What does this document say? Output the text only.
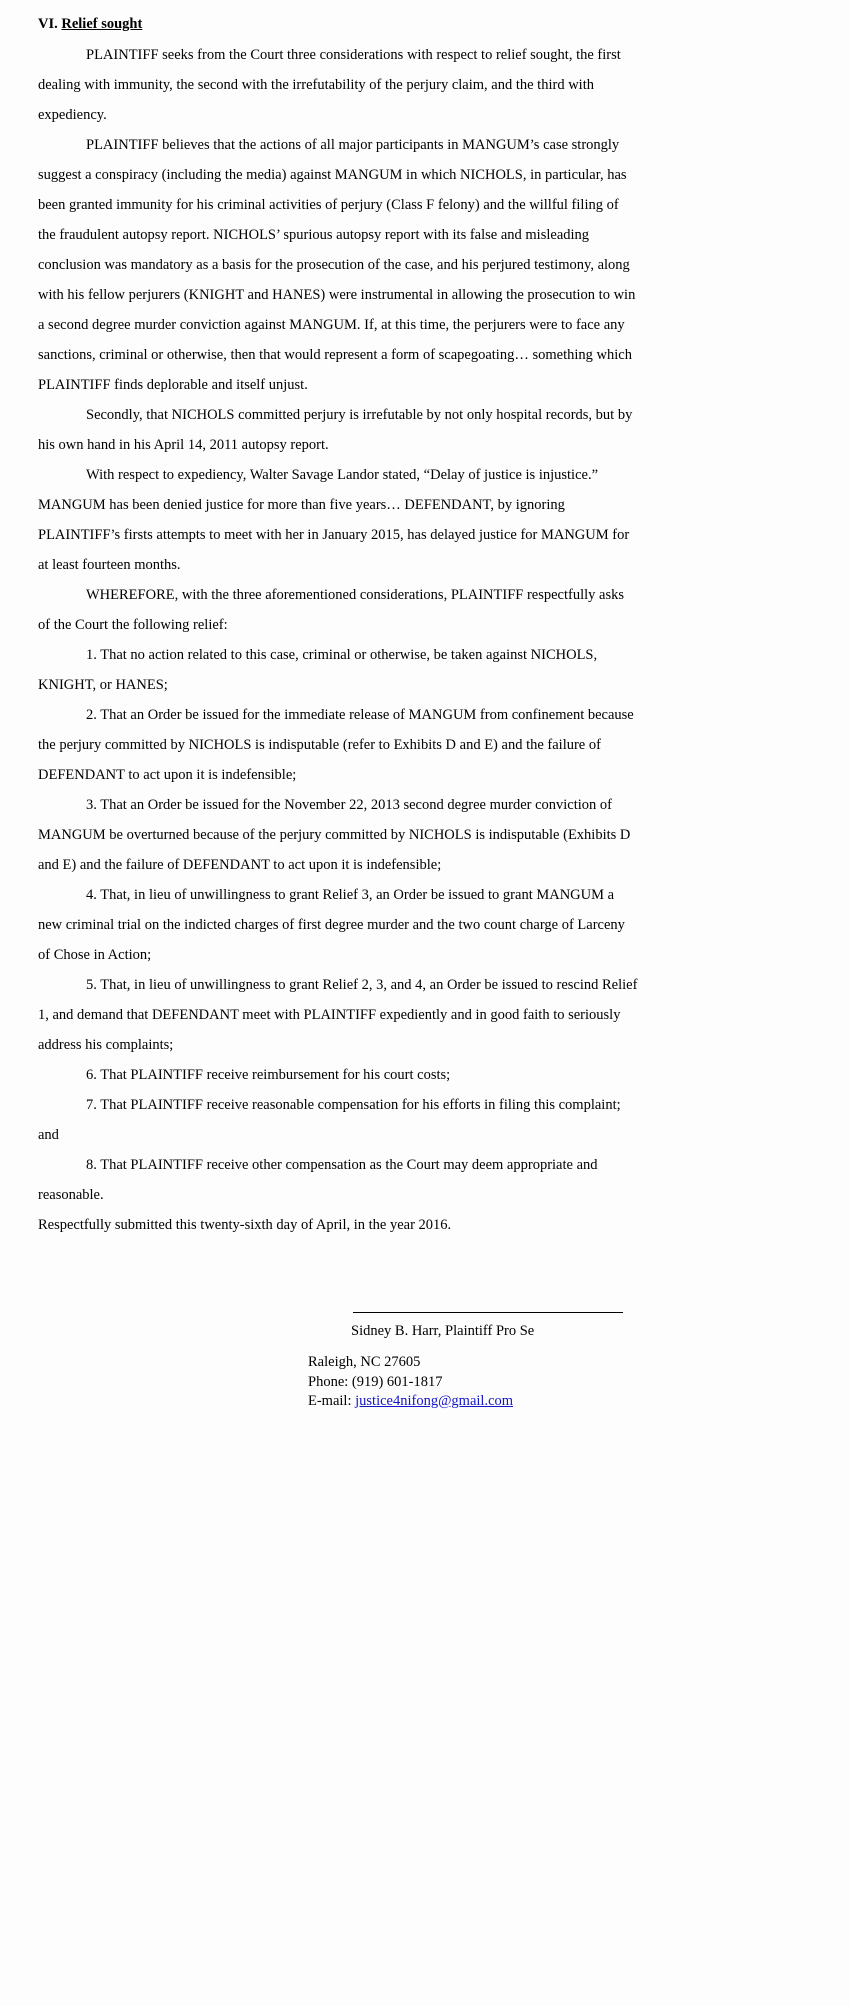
VI. Relief sought

PLAINTIFF seeks from the Court three considerations with respect to relief sought, the first dealing with immunity, the second with the irrefutability of the perjury claim, and the third with expediency.

PLAINTIFF believes that the actions of all major participants in MANGUM’s case strongly suggest a conspiracy (including the media) against MANGUM in which NICHOLS, in particular, has been granted immunity for his criminal activities of perjury (Class F felony) and the willful filing of the fraudulent autopsy report. NICHOLS’ spurious autopsy report with its false and misleading conclusion was mandatory as a basis for the prosecution of the case, and his perjured testimony, along with his fellow perjurers (KNIGHT and HANES) were instrumental in allowing the prosecution to win a second degree murder conviction against MANGUM. If, at this time, the perjurers were to face any sanctions, criminal or otherwise, then that would represent a form of scapegoating… something which PLAINTIFF finds deplorable and itself unjust.

Secondly, that NICHOLS committed perjury is irrefutable by not only hospital records, but by his own hand in his April 14, 2011 autopsy report.

With respect to expediency, Walter Savage Landor stated, “Delay of justice is injustice.” MANGUM has been denied justice for more than five years… DEFENDANT, by ignoring PLAINTIFF’s firsts attempts to meet with her in January 2015, has delayed justice for MANGUM for at least fourteen months.

WHEREFORE, with the three aforementioned considerations, PLAINTIFF respectfully asks of the Court the following relief:

1. That no action related to this case, criminal or otherwise, be taken against NICHOLS, KNIGHT, or HANES;

2. That an Order be issued for the immediate release of MANGUM from confinement because the perjury committed by NICHOLS is indisputable (refer to Exhibits D and E) and the failure of DEFENDANT to act upon it is indefensible;

3. That an Order be issued for the November 22, 2013 second degree murder conviction of MANGUM be overturned because of the perjury committed by NICHOLS is indisputable (Exhibits D and E) and the failure of DEFENDANT to act upon it is indefensible;

4. That, in lieu of unwillingness to grant Relief 3, an Order be issued to grant MANGUM a new criminal trial on the indicted charges of first degree murder and the two count charge of Larceny of Chose in Action;

5. That, in lieu of unwillingness to grant Relief 2, 3, and 4, an Order be issued to rescind Relief 1, and demand that DEFENDANT meet with PLAINTIFF expediently and in good faith to seriously address his complaints;

6. That PLAINTIFF receive reimbursement for his court costs;

7. That PLAINTIFF receive reasonable compensation for his efforts in filing this complaint; and

8. That PLAINTIFF receive other compensation as the Court may deem appropriate and reasonable.

Respectfully submitted this twenty-sixth day of April, in the year 2016.

Sidney B. Harr, Plaintiff Pro Se
Raleigh, NC 27605
Phone: (919) 601-1817
E-mail: justice4nifong@gmail.com
